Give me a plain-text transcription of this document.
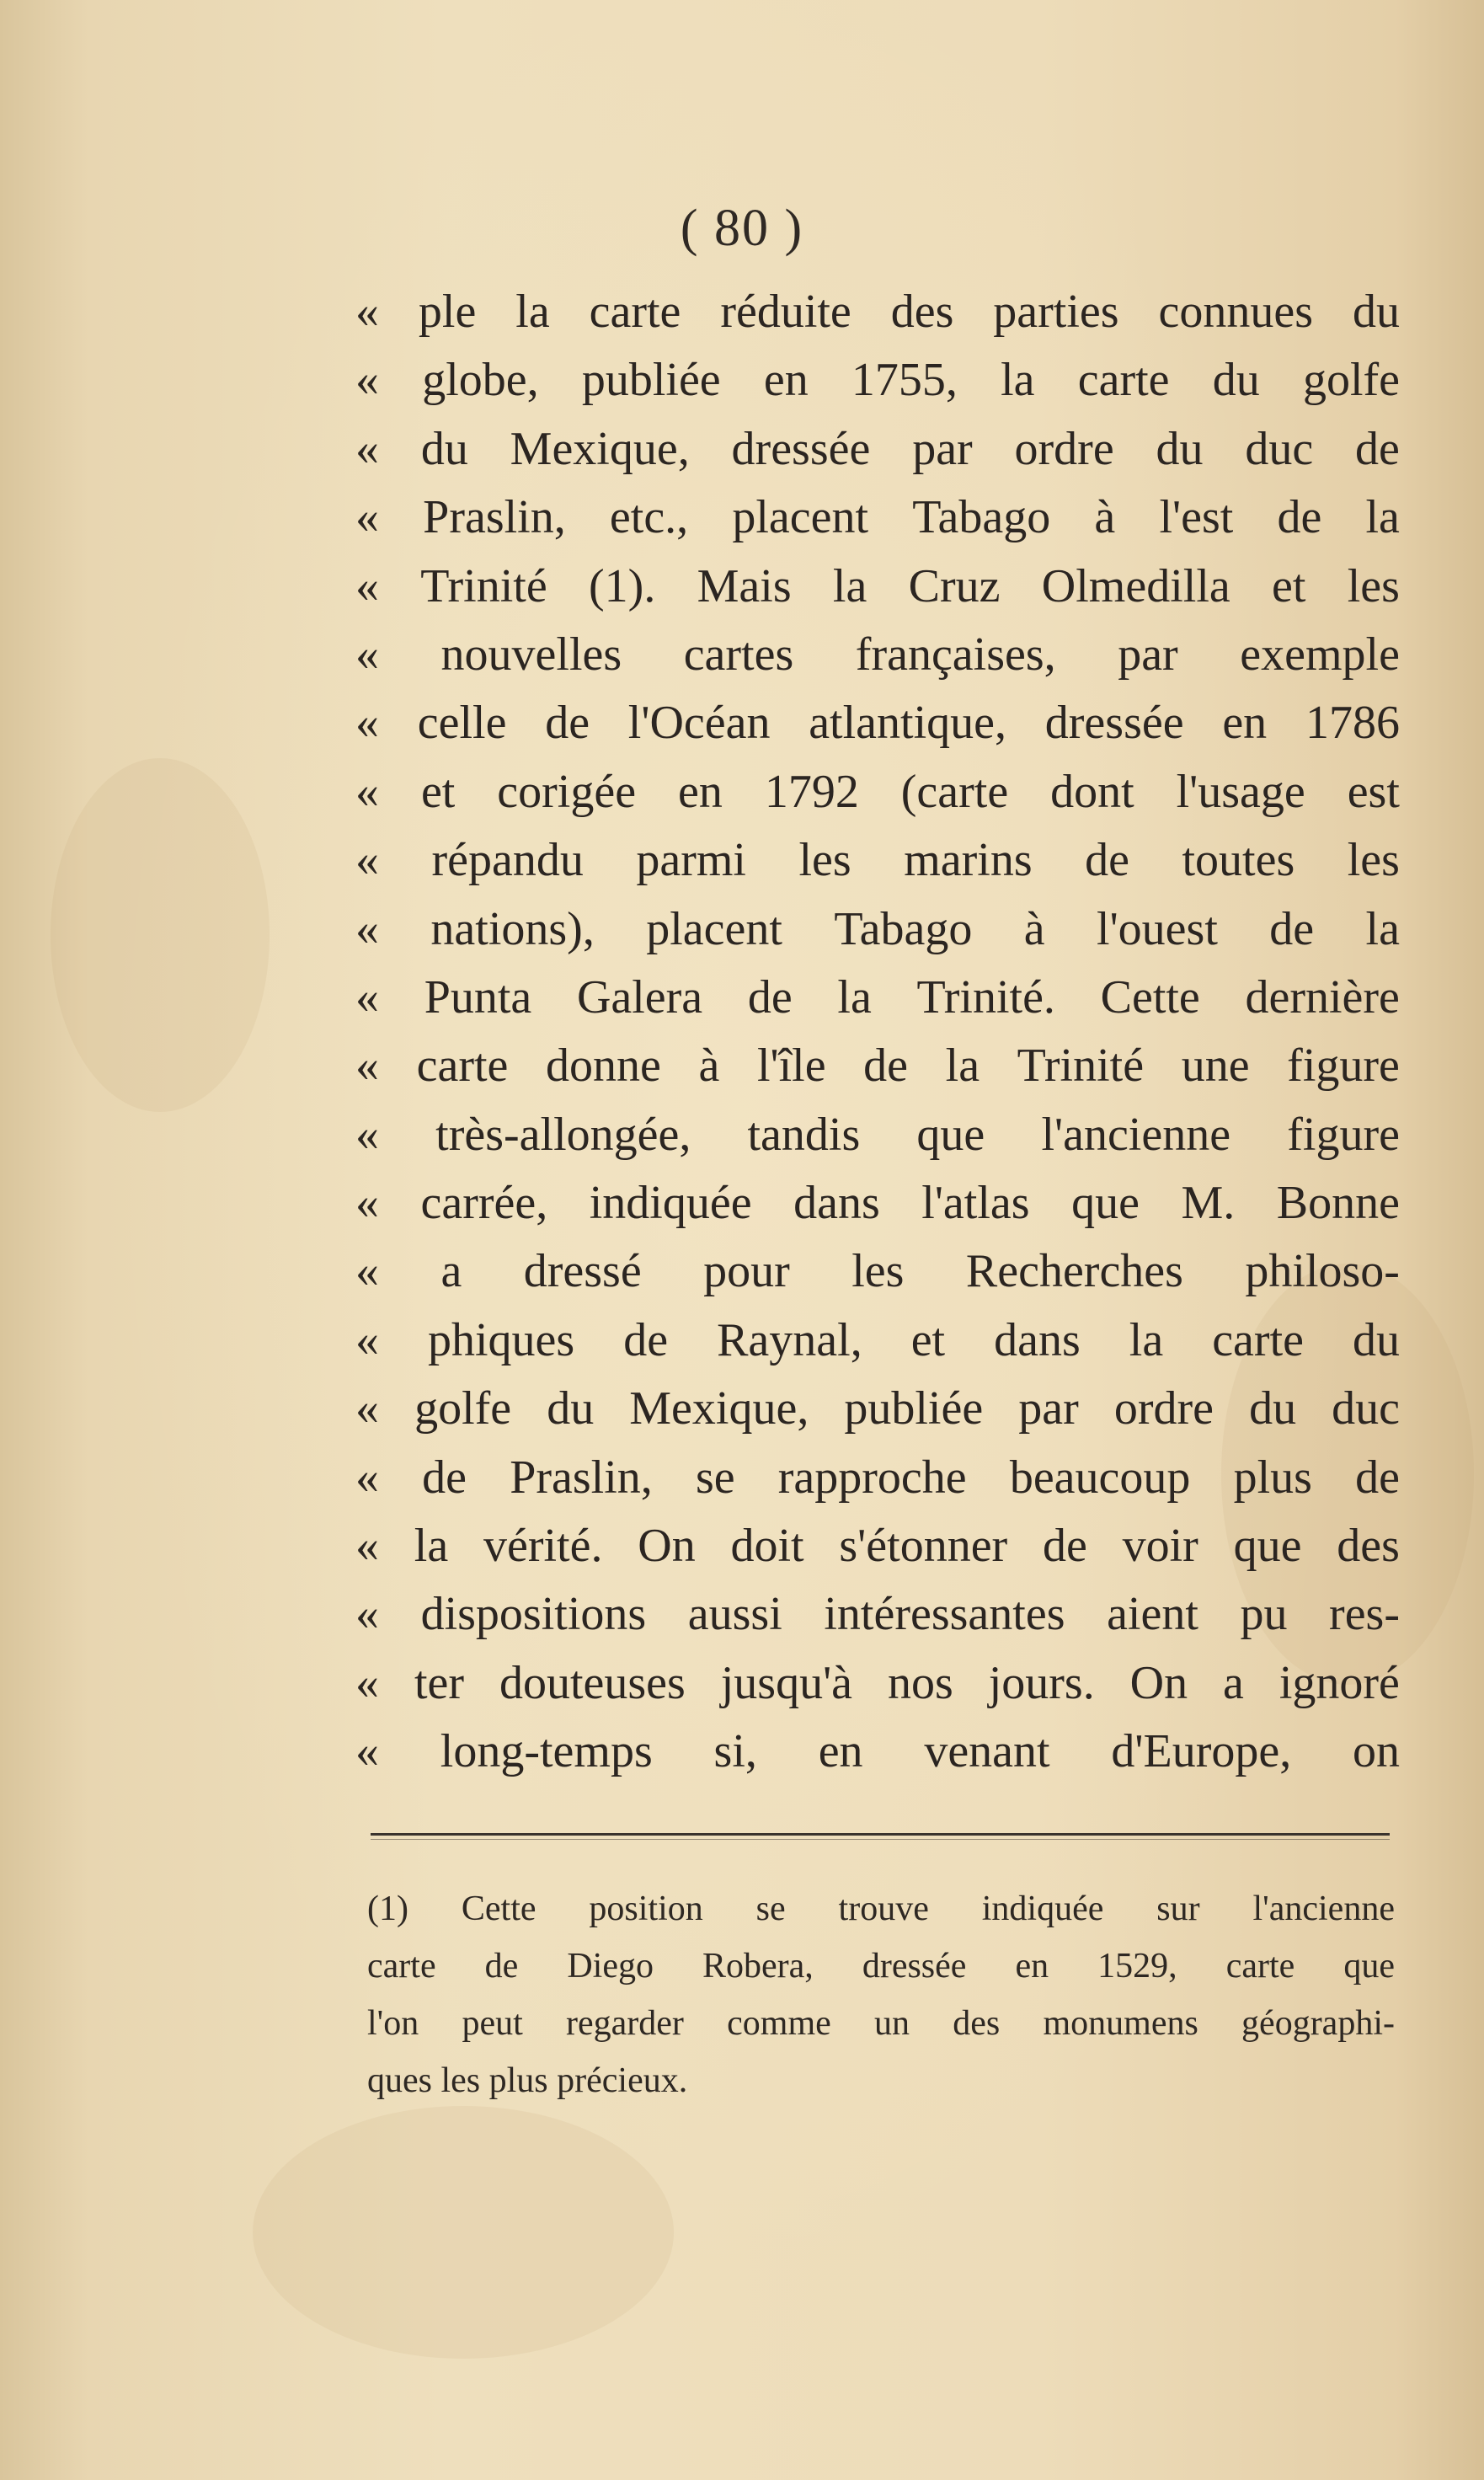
( 80 )
« ple la carte réduite des parties connues du
« globe, publiée en 1755, la carte du golfe
« du Mexique, dressée par ordre du duc de
« Praslin, etc., placent Tabago à l'est de la
« Trinité (1). Mais la Cruz Olmedilla et les
« nouvelles cartes françaises, par exemple
« celle de l'Océan atlantique, dressée en 1786
« et corigée en 1792 (carte dont l'usage est
« répandu parmi les marins de toutes les
« nations), placent Tabago à l'ouest de la
« Punta Galera de la Trinité. Cette dernière
« carte donne à l'île de la Trinité une figure
« très-allongée, tandis que l'ancienne figure
« carrée, indiquée dans l'atlas que M. Bonne
« a dressé pour les Recherches philoso-
« phiques de Raynal, et dans la carte du
« golfe du Mexique, publiée par ordre du duc
« de Praslin, se rapproche beaucoup plus de
« la vérité. On doit s'étonner de voir que des
« dispositions aussi intéressantes aient pu res-
« ter douteuses jusqu'à nos jours. On a ignoré
« long-temps si, en venant d'Europe, on
(1) Cette position se trouve indiquée sur l'ancienne
carte de Diego Robera, dressée en 1529, carte que
l'on peut regarder comme un des monumens géographi-
ques les plus précieux.
